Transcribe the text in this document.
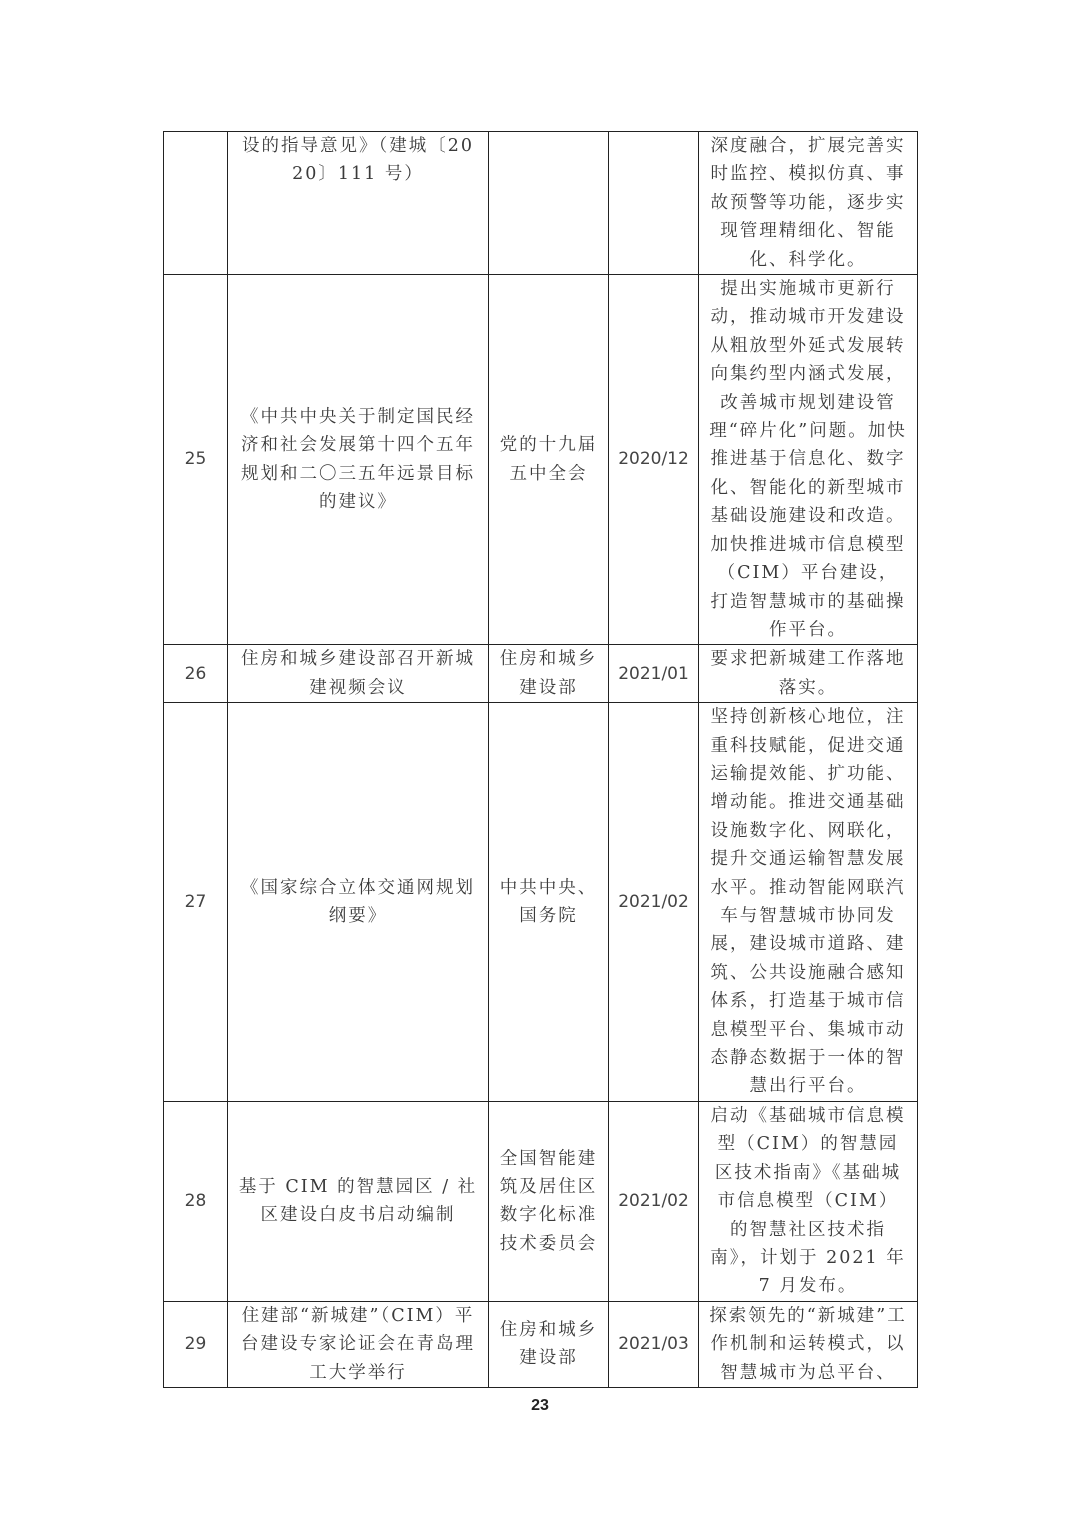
	设的指导意见》（建城〔2020〕111 号）			深度融合，扩展完善实时监控、模拟仿真、事故预警等功能，逐步实现管理精细化、智能化、科学化。
25	《中共中央关于制定国民经济和社会发展第十四个五年规划和二〇三五年远景目标的建议》	党的十九届五中全会	2020/12	提出实施城市更新行动，推动城市开发建设从粗放型外延式发展转向集约型内涵式发展，改善城市规划建设管理“碎片化”问题。加快推进基于信息化、数字化、智能化的新型城市基础设施建设和改造。加快推进城市信息模型（CIM）平台建设，打造智慧城市的基础操作平台。
26	住房和城乡建设部召开新城建视频会议	住房和城乡建设部	2021/01	要求把新城建工作落地落实。
27	《国家综合立体交通网规划纲要》	中共中央、国务院	2021/02	坚持创新核心地位，注重科技赋能，促进交通运输提效能、扩功能、增动能。推进交通基础设施数字化、网联化，提升交通运输智慧发展水平。推动智能网联汽车与智慧城市协同发展，建设城市道路、建筑、公共设施融合感知体系，打造基于城市信息模型平台、集城市动态静态数据于一体的智慧出行平台。
28	基于 CIM 的智慧园区 / 社区建设白皮书启动编制	全国智能建筑及居住区数字化标准技术委员会	2021/02	启动《基础城市信息模型（CIM）的智慧园区技术指南》《基础城市信息模型（CIM）的智慧社区技术指南》，计划于 2021 年 7 月发布。
29	住建部“新城建”（CIM）平台建设专家论证会在青岛理工大学举行	住房和城乡建设部	2021/03	探索领先的“新城建”工作机制和运转模式，以智慧城市为总平台、
23
